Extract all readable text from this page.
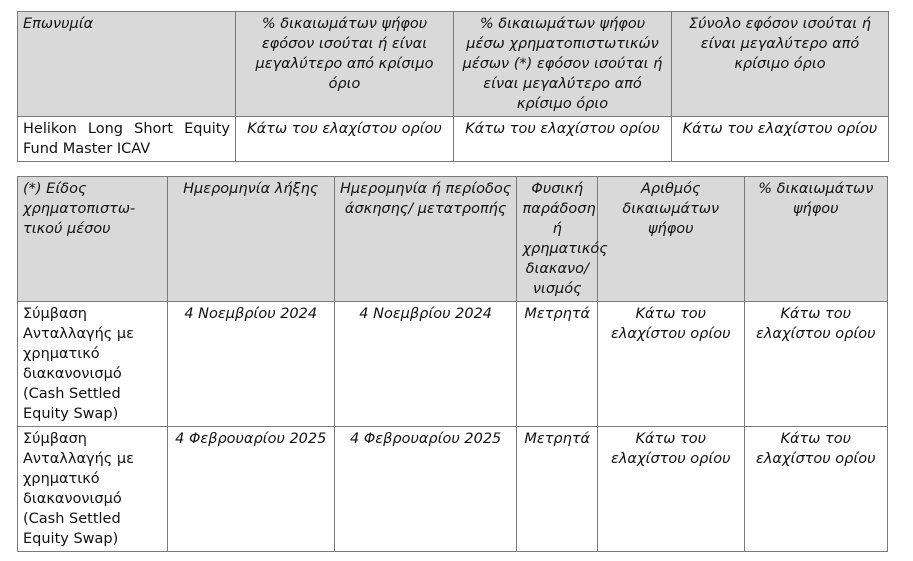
Επωνυμία	% δικαιωμάτων ψήφου εφόσον ισούται ή είναι μεγαλύτερο από κρίσιμο όριο	% δικαιωμάτων ψήφου μέσω χρηματοπιστωτικών μέσων (*) εφόσον ισούται ή είναι μεγαλύτερο από κρίσιμο όριο	Σύνολο εφόσον ισούται ή είναι μεγαλύτερο από κρίσιμο όριο
Helikon Long Short Equity Fund Master ICAV	Κάτω του ελαχίστου ορίου	Κάτω του ελαχίστου ορίου	Κάτω του ελαχίστου ορίου
(*) Είδος χρηματοπιστω-τικού μέσου	Ημερομηνία λήξης	Ημερομηνία ή περίοδος άσκησης/ μετατροπής	Φυσική παράδοση ή χρηματικός διακανο/ νισμός	Αριθμός δικαιωμάτων ψήφου	% δικαιωμάτων ψήφου
Σύμβαση Ανταλλαγής με χρηματικό διακανονισμό (Cash Settled Equity Swap)	4 Νοεμβρίου 2024	4 Νοεμβρίου 2024	Μετρητά	Κάτω του ελαχίστου ορίου	Κάτω του ελαχίστου ορίου
Σύμβαση Ανταλλαγής με χρηματικό διακανονισμό (Cash Settled Equity Swap)	4 Φεβρουαρίου 2025	4 Φεβρουαρίου 2025	Μετρητά	Κάτω του ελαχίστου ορίου	Κάτω του ελαχίστου ορίου
